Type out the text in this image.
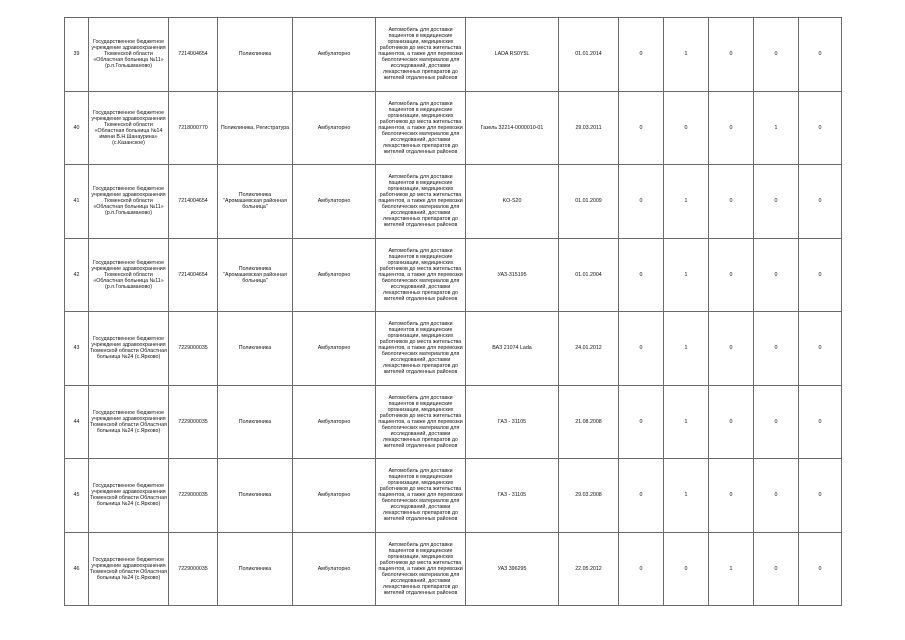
39	Государственное бюджетное учреждение здравоохранения Тюменской области «Областная больница №11» (р.п.Голышманово)	7214004654	Поликлиника	Амбулаторно	Автомобиль для доставки пациентов в медицинские организации, медицинских работников до места жительства пациентов, а также для перевозки биологических материалов для исследований, доставки лекарственных препаратов до жителей отдаленных районов	LADA RS0Y5L	01.01.2014	0	1	0	0	0
40	Государственное бюджетное учреждение здравоохранения Тюменской области «Областная больница №14 имени В.Н.Шанаурина» (с.Казанское)	7218000770	Поликлиника, Регистратура	Амбулаторно	Автомобиль для доставки пациентов в медицинские организации, медицинских работников до места жительства пациентов, а также для перевозки биологических материалов для исследований, доставки лекарственных препаратов до жителей отдаленных районов	Газель 32214-0000010-01	29.03.2011	0	0	0	1	0
41	Государственное бюджетное учреждение здравоохранения Тюменской области «Областная больница №11» (р.п.Голышманово)	7214004654	Поликлиника "Аромашевская районная больница"	Амбулаторно	Автомобиль для доставки пациентов в медицинские организации, медицинских работников до места жительства пациентов, а также для перевозки биологических материалов для исследований, доставки лекарственных препаратов до жителей отдаленных районов	KO-S20	01.01.2009	0	1	0	0	0
42	Государственное бюджетное учреждение здравоохранения Тюменской области «Областная больница №11» (р.п.Голышманово)	7214004654	Поликлиника "Аромашевская районная больница"	Амбулаторно	Автомобиль для доставки пациентов в медицинские организации, медицинских работников до места жительства пациентов, а также для перевозки биологических материалов для исследований, доставки лекарственных препаратов до жителей отдаленных районов	УАЗ-315195	01.01.2004	0	1	0	0	0
43	Государственное бюджетное учреждение здравоохранения Тюменской области Областная больница №24 (с.Ярково)	7229000035	Поликлиника	Амбулаторно	Автомобиль для доставки пациентов в медицинские организации, медицинских работников до места жительства пациентов, а также для перевозки биологических материалов для исследований, доставки лекарственных препаратов до жителей отдаленных районов	ВАЗ 21074 Lada	24.01.2012	0	1	0	0	0
44	Государственное бюджетное учреждение здравоохранения Тюменской области Областная больница №24 (с.Ярково)	7229000035	Поликлиника	Амбулаторно	Автомобиль для доставки пациентов в медицинские организации, медицинских работников до места жительства пациентов, а также для перевозки биологических материалов для исследований, доставки лекарственных препаратов до жителей отдаленных районов	ГАЗ - 31105	21.08.2008	0	1	0	0	0
45	Государственное бюджетное учреждение здравоохранения Тюменской области Областная больница №24 (с.Ярково)	7229000035	Поликлиника	Амбулаторно	Автомобиль для доставки пациентов в медицинские организации, медицинских работников до места жительства пациентов, а также для перевозки биологических материалов для исследований, доставки лекарственных препаратов до жителей отдаленных районов	ГАЗ - 31105	29.03.2008	0	1	0	0	0
46	Государственное бюджетное учреждение здравоохранения Тюменской области Областная больница №24 (с.Ярково)	7229000035	Поликлиника	Амбулаторно	Автомобиль для доставки пациентов в медицинские организации, медицинских работников до места жительства пациентов, а также для перевозки биологических материалов для исследований, доставки лекарственных препаратов до жителей отдаленных районов	УАЗ 396295	22.05.2012	0	0	1	0	0
